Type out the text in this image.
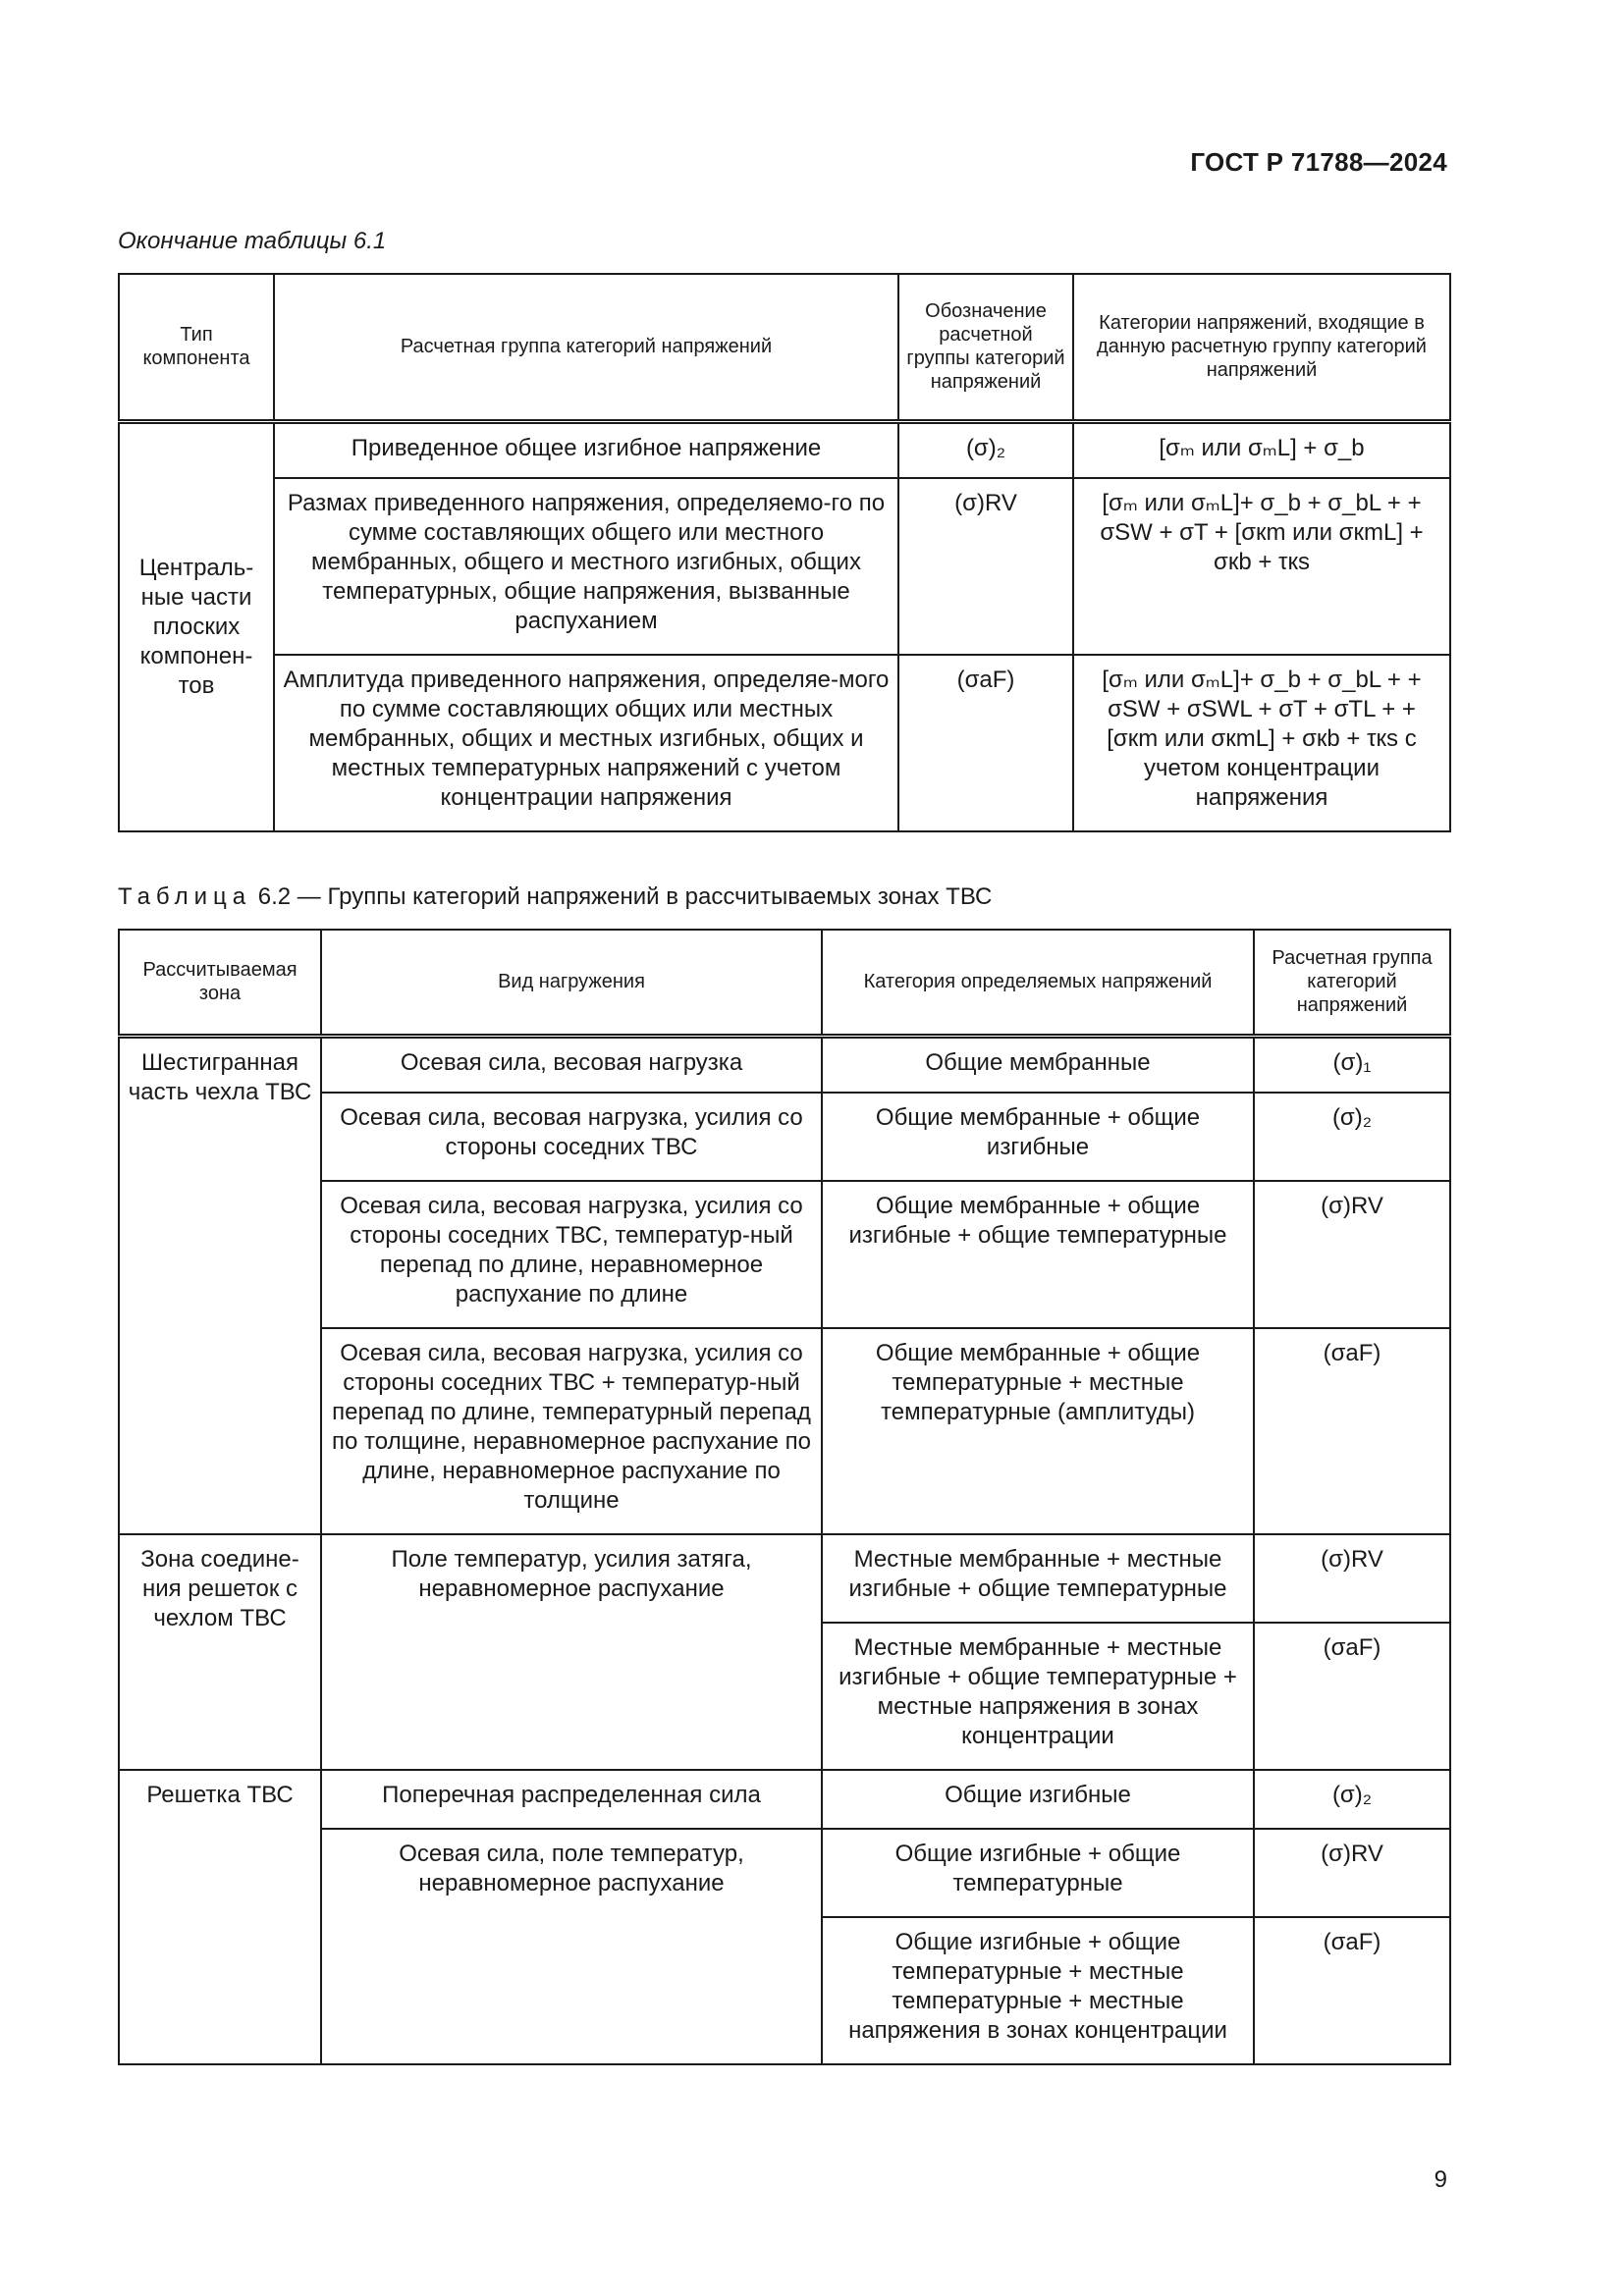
ГОСТ Р 71788—2024
Окончание таблицы 6.1
Тип компонента	Расчетная группа категорий напряжений	Обозначение расчетной группы категорий напряжений	Категории напряжений, входящие в данную расчетную группу категорий напряжений
Централь-ные части плоских компонен-тов	Приведенное общее изгибное напряжение	(σ)₂	[σₘ или σₘL] + σ_b
	Размах приведенного напряжения, определяемо-го по сумме составляющих общего или местного мембранных, общего и местного изгибных, общих температурных, общие напряжения, вызванные распуханием	(σ)RV	[σₘ или σₘL]+ σ_b + σ_bL + + σSW + σT + [σкm или σкmL] + σкb + τкs
	Амплитуда приведенного напряжения, определяе-мого по сумме составляющих общих или местных мембранных, общих и местных изгибных, общих и местных температурных напряжений с учетом концентрации напряжения	(σaF)	[σₘ или σₘL]+ σ_b + σ_bL + + σSW + σSWL + σT + σTL + + [σкm или σкmL] + σкb + τкs с учетом концентрации напряжения
Таблица 6.2 — Группы категорий напряжений в рассчитываемых зонах ТВС
Рассчитываемая зона	Вид нагружения	Категория определяемых напряжений	Расчетная группа категорий напряжений
Шестигранная часть чехла ТВС	Осевая сила, весовая нагрузка	Общие мембранные	(σ)₁
	Осевая сила, весовая нагрузка, усилия со стороны соседних ТВС	Общие мембранные + общие изгибные	(σ)₂
	Осевая сила, весовая нагрузка, усилия со стороны соседних ТВС, температур-ный перепад по длине, неравномерное распухание по длине	Общие мембранные + общие изгибные + общие температурные	(σ)RV
	Осевая сила, весовая нагрузка, усилия со стороны соседних ТВС + температур-ный перепад по длине, температурный перепад по толщине, неравномерное распухание по длине, неравномерное распухание по толщине	Общие мембранные + общие температурные + местные температурные (амплитуды)	(σaF)
Зона соедине-ния решеток с чехлом ТВС	Поле температур, усилия затяга, неравномерное распухание	Местные мембранные + местные изгибные + общие температурные	(σ)RV
		Местные мембранные + местные изгибные + общие температурные + местные напряжения в зонах концентрации	(σaF)
Решетка ТВС	Поперечная распределенная сила	Общие изгибные	(σ)₂
	Осевая сила, поле температур, неравномерное распухание	Общие изгибные + общие температурные	(σ)RV
		Общие изгибные + общие температурные + местные температурные + местные напряжения в зонах концентрации	(σaF)
9
